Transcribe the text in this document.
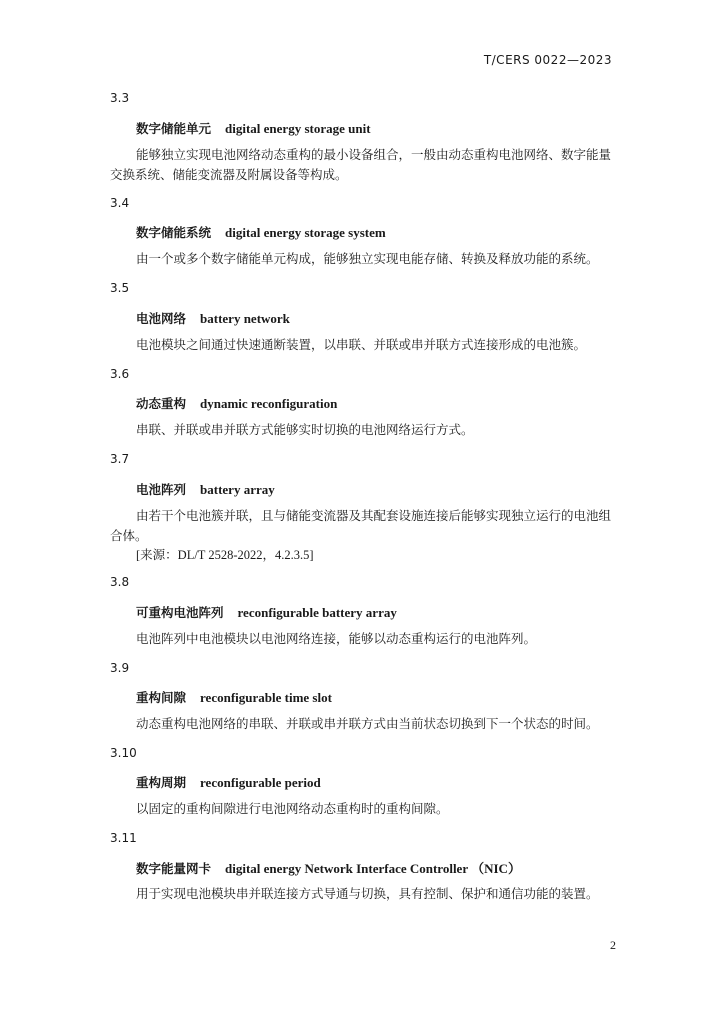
T/CERS 0022—2023
3.3
数字储能单元 digital energy storage unit
能够独立实现电池网络动态重构的最小设备组合，一般由动态重构电池网络、数字能量交换系统、储能变流器及附属设备等构成。
3.4
数字储能系统 digital energy storage system
由一个或多个数字储能单元构成，能够独立实现电能存储、转换及释放功能的系统。
3.5
电池网络 battery network
电池模块之间通过快速通断装置，以串联、并联或串并联方式连接形成的电池簇。
3.6
动态重构 dynamic reconfiguration
串联、并联或串并联方式能够实时切换的电池网络运行方式。
3.7
电池阵列 battery array
由若干个电池簇并联，且与储能变流器及其配套设施连接后能够实现独立运行的电池组合体。
[来源：DL/T 2528-2022，4.2.3.5]
3.8
可重构电池阵列 reconfigurable battery array
电池阵列中电池模块以电池网络连接，能够以动态重构运行的电池阵列。
3.9
重构间隙 reconfigurable time slot
动态重构电池网络的串联、并联或串并联方式由当前状态切换到下一个状态的时间。
3.10
重构周期 reconfigurable period
以固定的重构间隙进行电池网络动态重构时的重构间隙。
3.11
数字能量网卡 digital energy Network Interface Controller （NIC）
用于实现电池模块串并联连接方式导通与切换，具有控制、保护和通信功能的装置。
2
